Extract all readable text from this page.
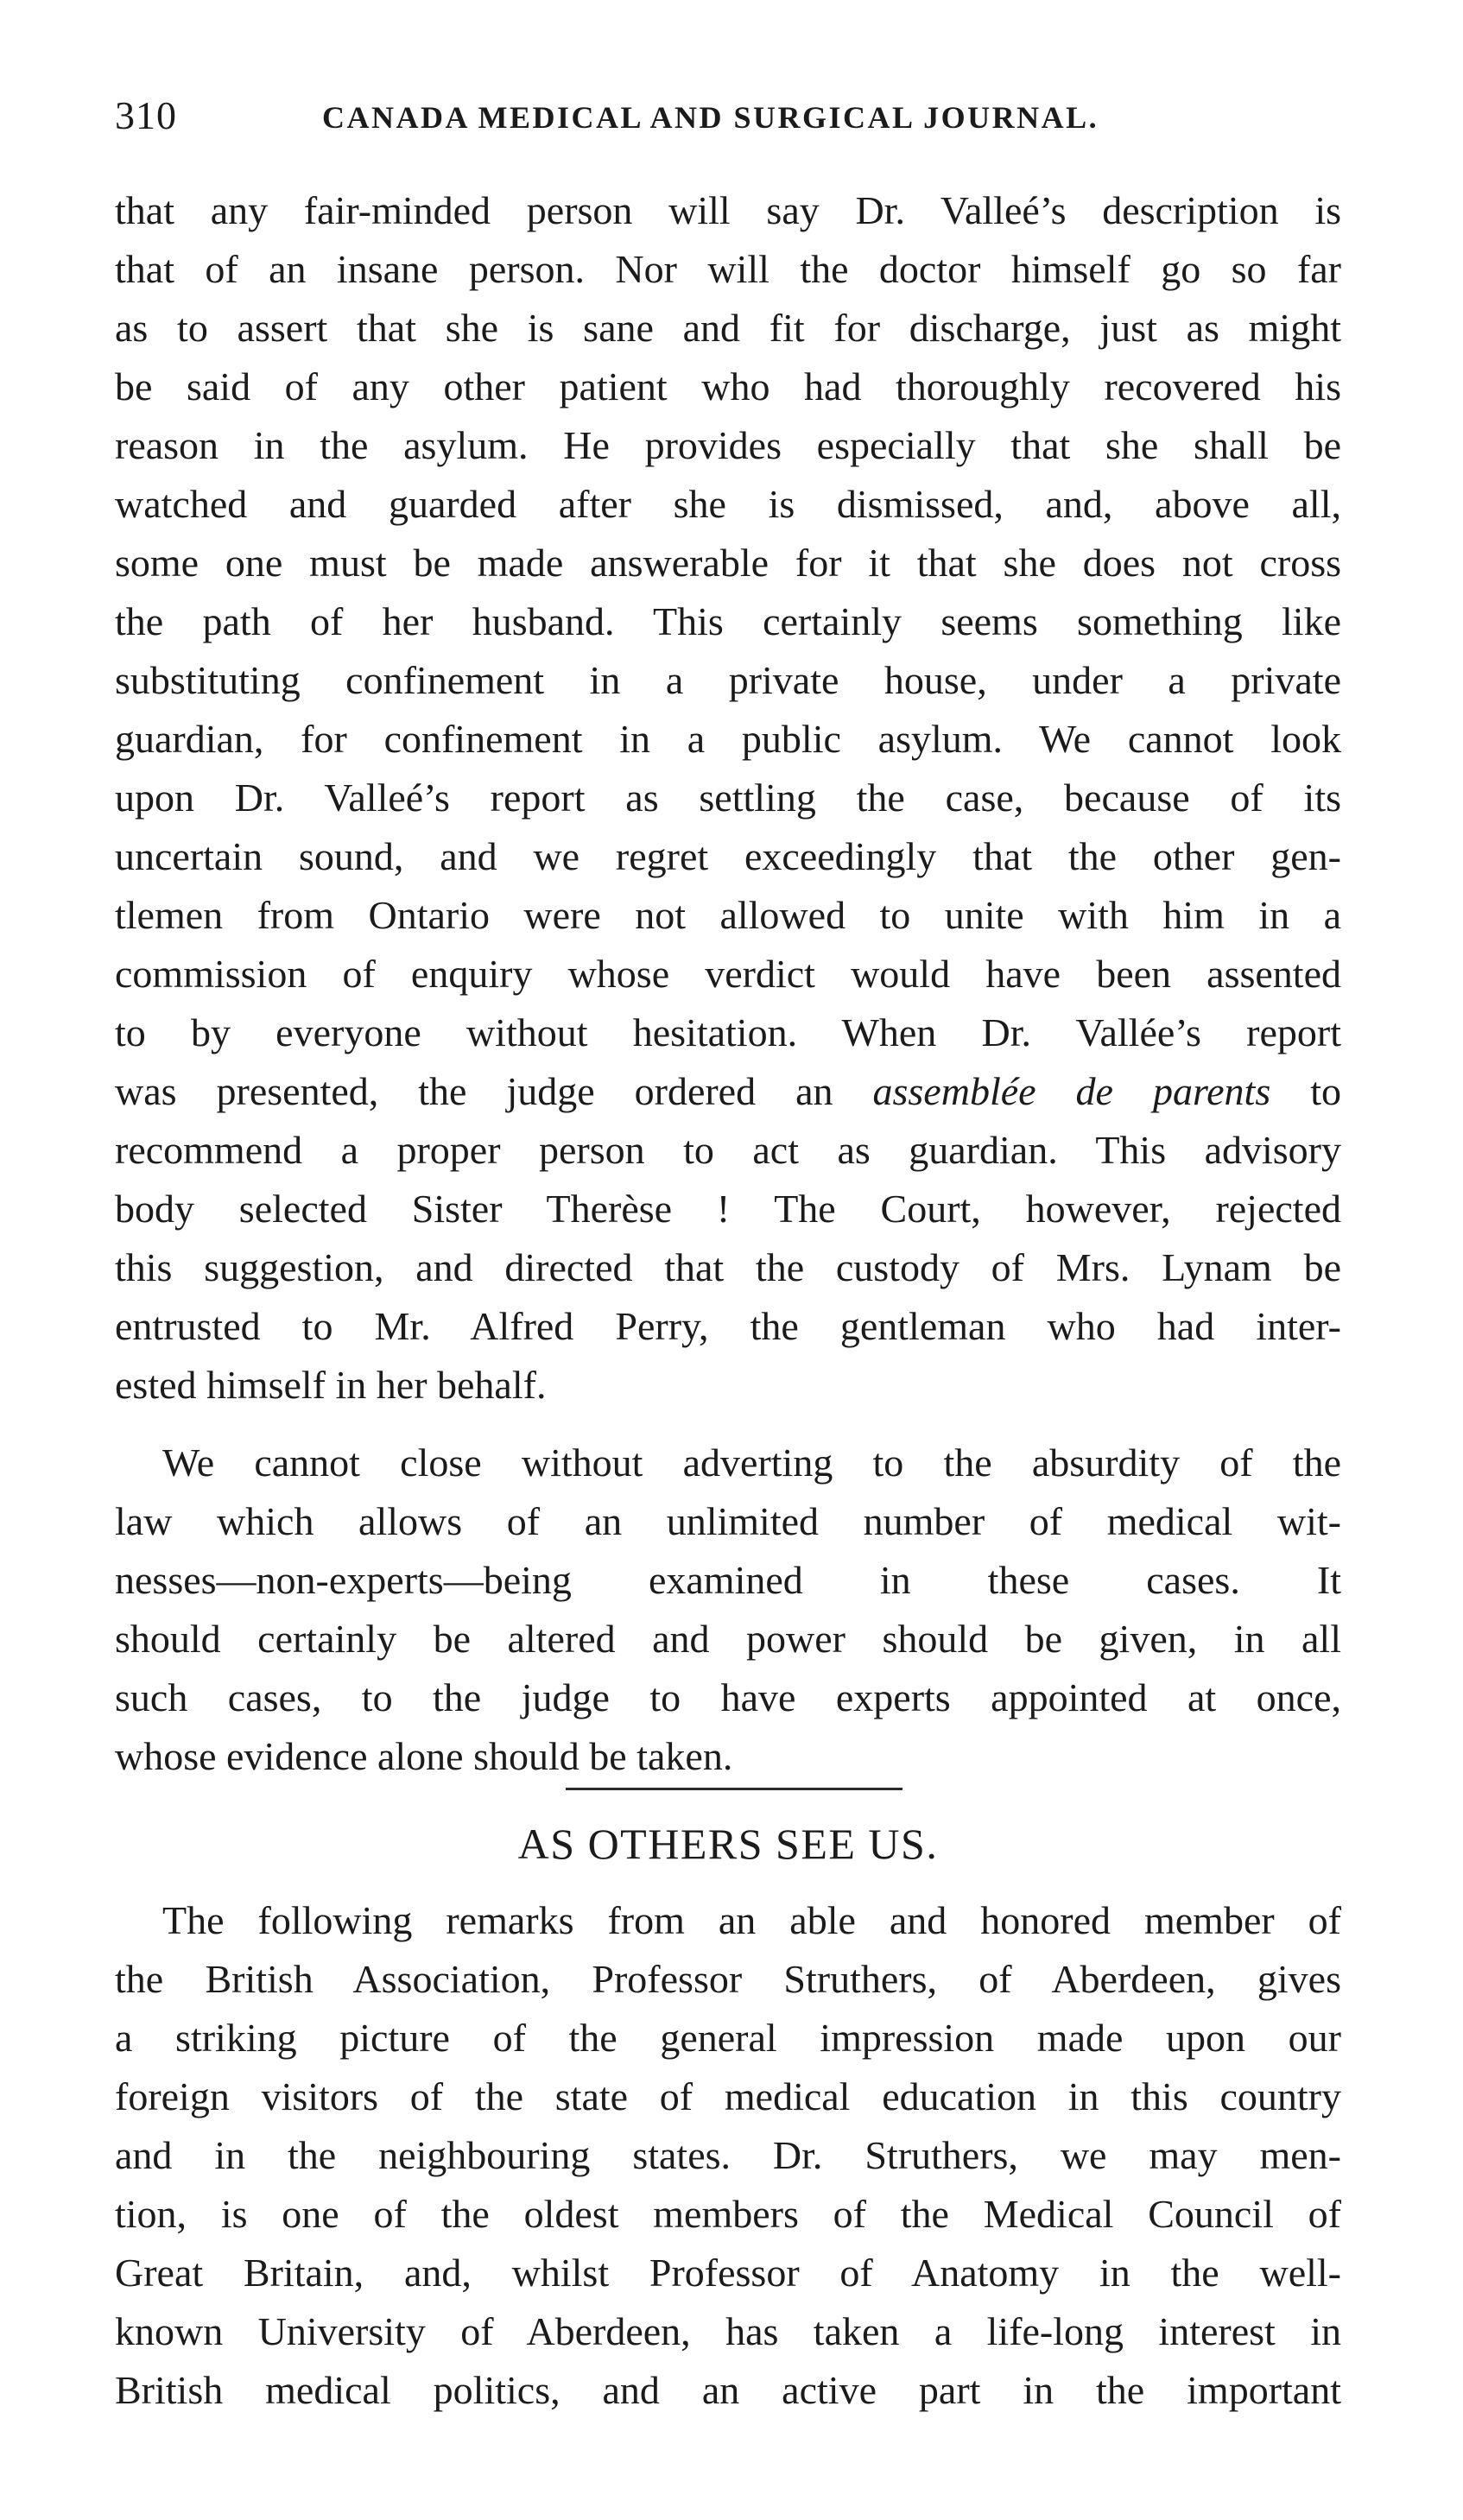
310	CANADA MEDICAL AND SURGICAL JOURNAL.
that any fair-minded person will say Dr. Valleé’s description is
that of an insane person. Nor will the doctor himself go so far
as to assert that she is sane and fit for discharge, just as might
be said of any other patient who had thoroughly recovered his
reason in the asylum. He provides especially that she shall be
watched and guarded after she is dismissed, and, above all,
some one must be made answerable for it that she does not cross
the path of her husband. This certainly seems something like
substituting confinement in a private house, under a private
guardian, for confinement in a public asylum. We cannot look
upon Dr. Valleé’s report as settling the case, because of its
uncertain sound, and we regret exceedingly that the other gen-
tlemen from Ontario were not allowed to unite with him in a
commission of enquiry whose verdict would have been assented
to by everyone without hesitation. When Dr. Vallée’s report
was presented, the judge ordered an assemblée de parents to
recommend a proper person to act as guardian. This advisory
body selected Sister Therèse ! The Court, however, rejected
this suggestion, and directed that the custody of Mrs. Lynam be
entrusted to Mr. Alfred Perry, the gentleman who had inter-
ested himself in her behalf.
We cannot close without adverting to the absurdity of the
law which allows of an unlimited number of medical wit-
nesses—non-experts—being examined in these cases. It
should certainly be altered and power should be given, in all
such cases, to the judge to have experts appointed at once,
whose evidence alone should be taken.
AS OTHERS SEE US.
The following remarks from an able and honored member of
the British Association, Professor Struthers, of Aberdeen, gives
a striking picture of the general impression made upon our
foreign visitors of the state of medical education in this country
and in the neighbouring states. Dr. Struthers, we may men-
tion, is one of the oldest members of the Medical Council of
Great Britain, and, whilst Professor of Anatomy in the well-
known University of Aberdeen, has taken a life-long interest in
British medical politics, and an active part in the important
